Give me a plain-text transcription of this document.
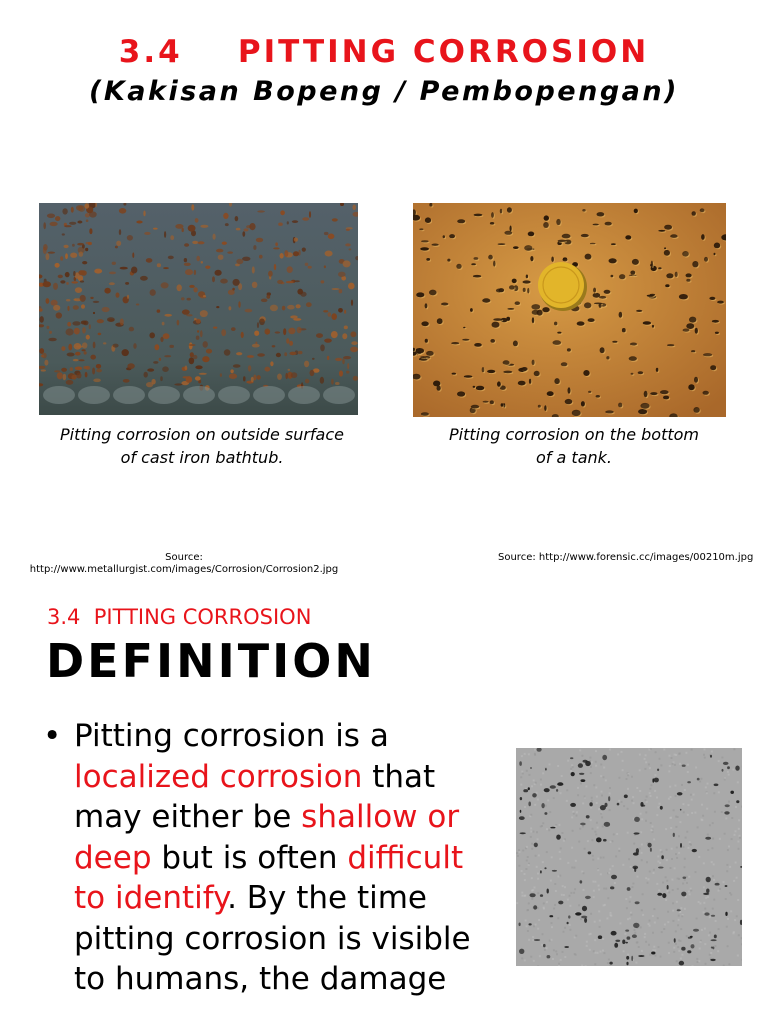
3.4    PITTING CORROSION
(Kakisan Bopeng / Pembopengan)
Pitting corrosion on outside surface of cast iron bathtub.
Pitting corrosion on the bottom of a tank.
Source:
http://www.metallurgist.com/images/Corrosion/Corrosion2.jpg
Source: http://www.forensic.cc/images/00210m.jpg
3.4  PITTING CORROSION
DEFINITION
• Pitting corrosion is a localized corrosion that may either be shallow or deep but is often difficult to identify. By the time pitting corrosion is visible to humans, the damage
